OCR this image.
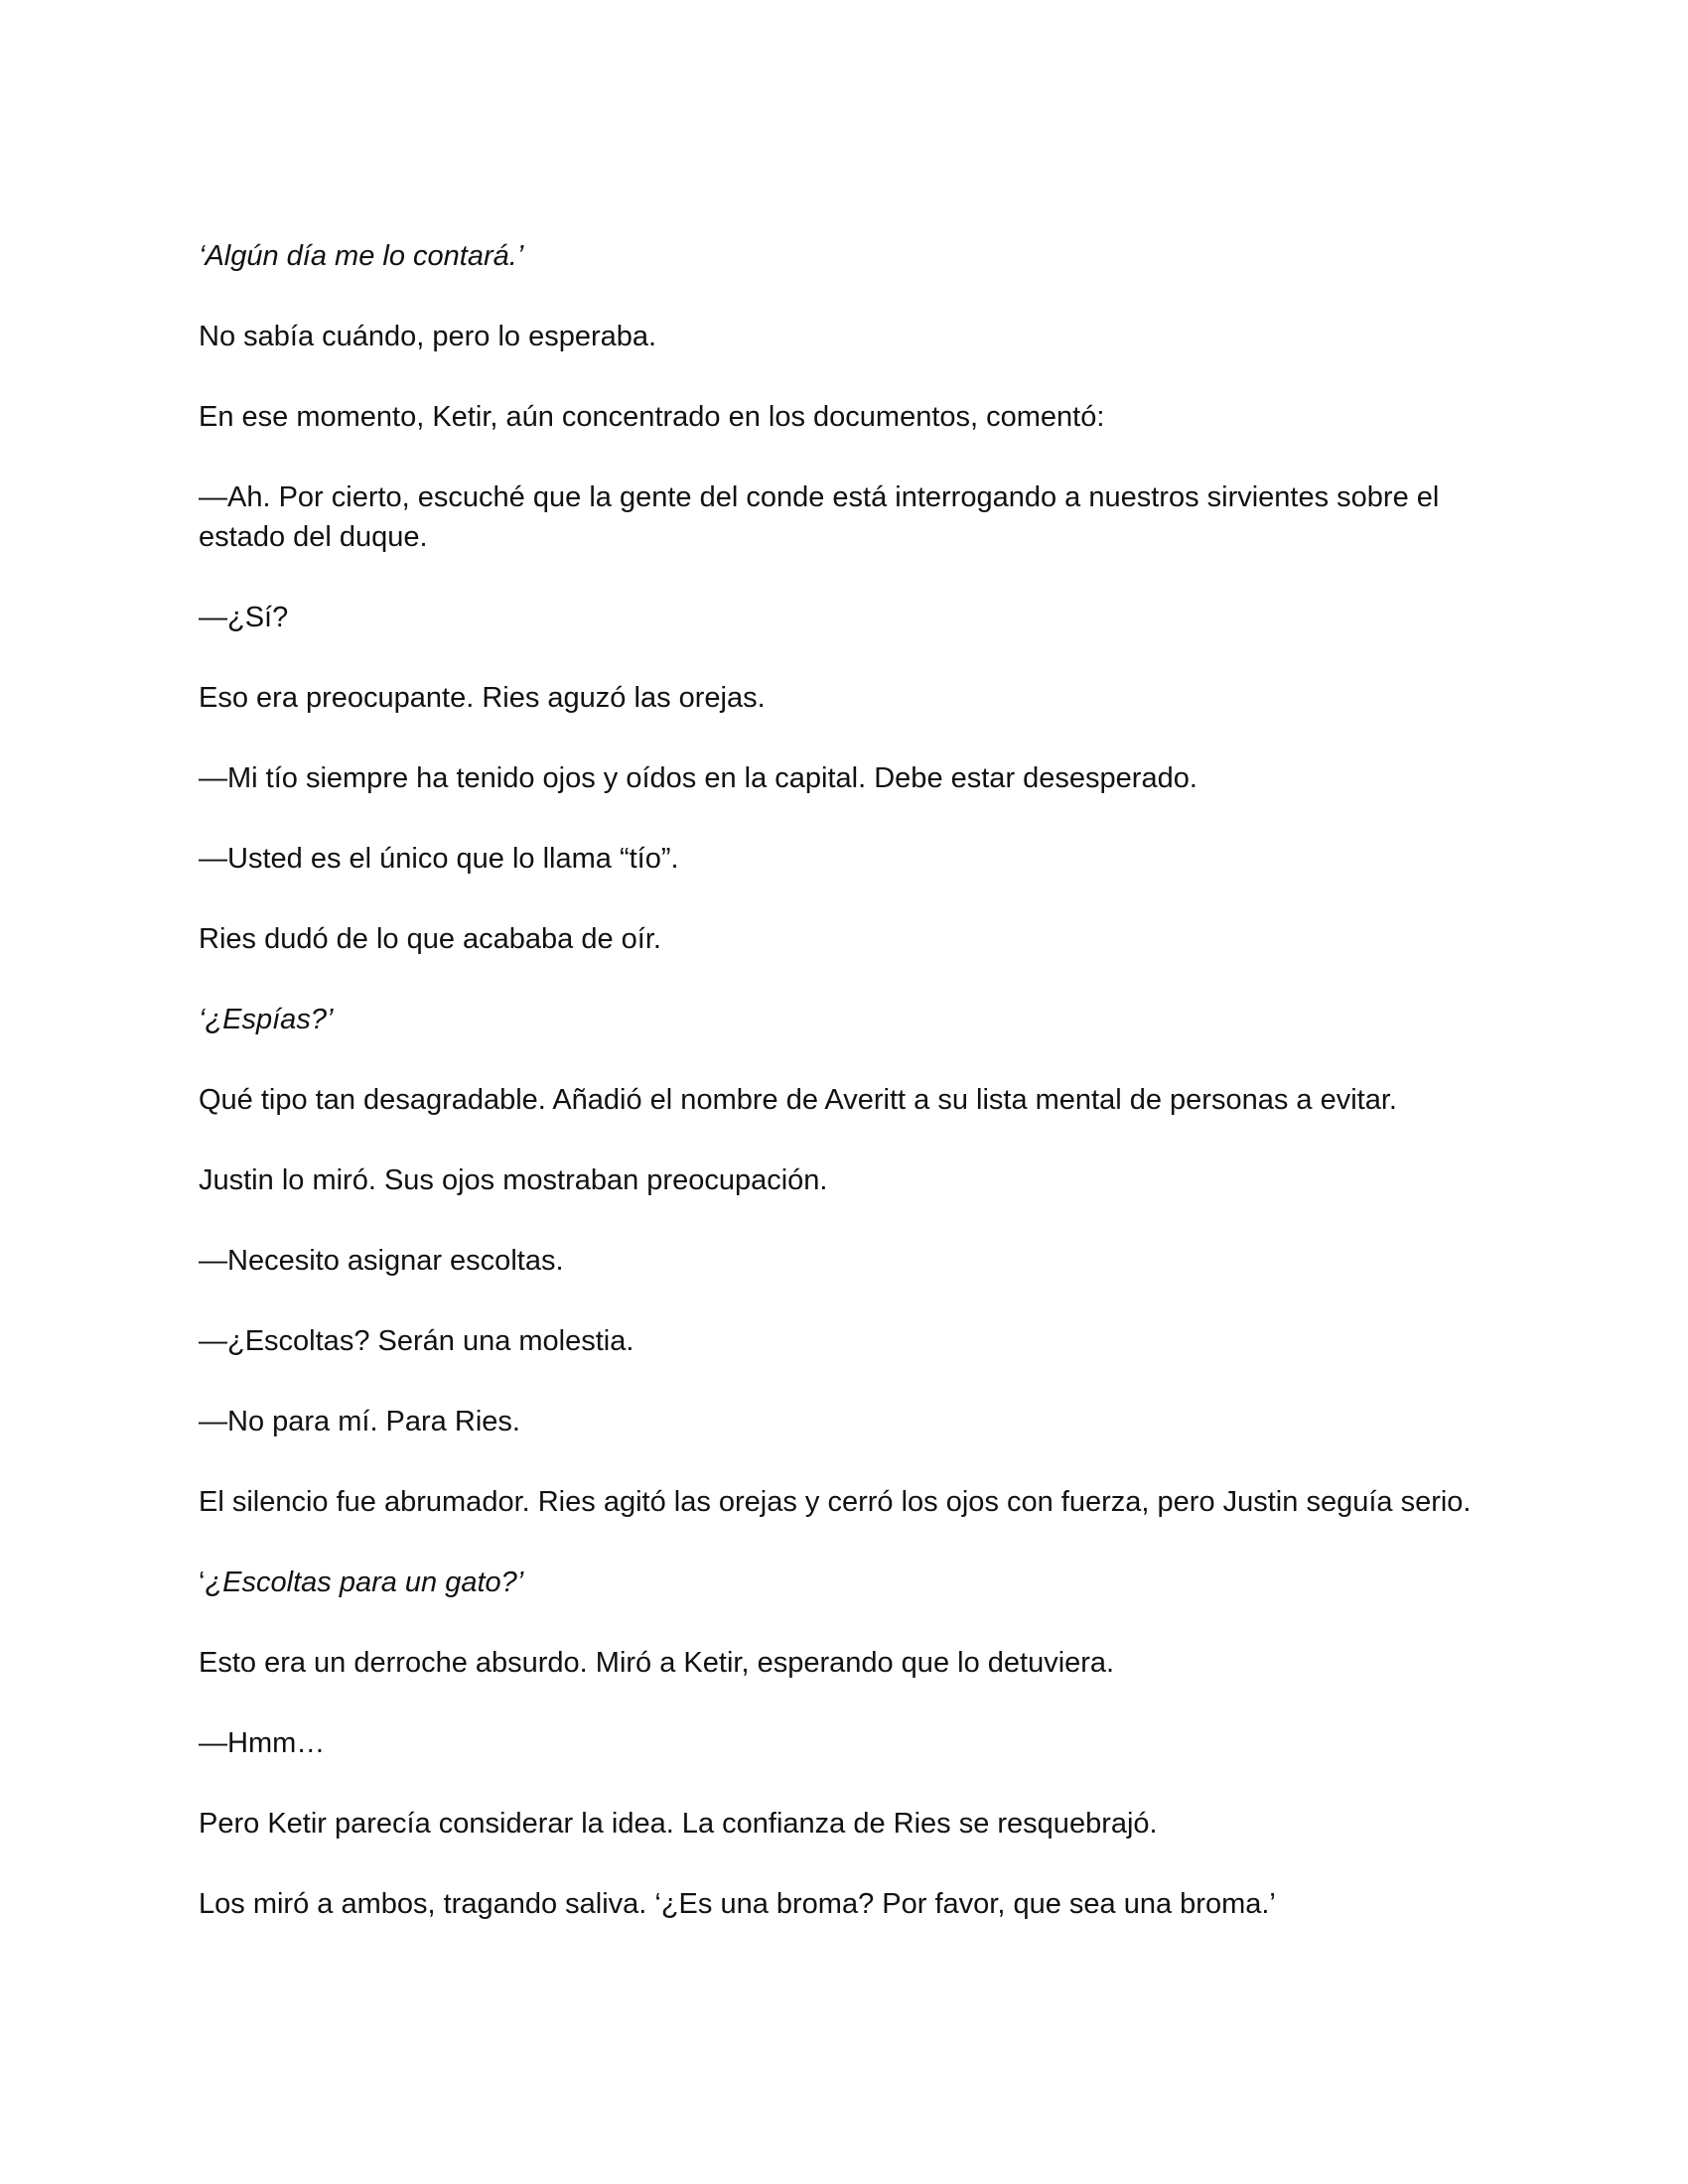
‘Algún día me lo contará.’

No sabía cuándo, pero lo esperaba.

En ese momento, Ketir, aún concentrado en los documentos, comentó:

—Ah. Por cierto, escuché que la gente del conde está interrogando a nuestros sirvientes sobre el estado del duque.

—¿Sí?

Eso era preocupante. Ries aguzó las orejas.

—Mi tío siempre ha tenido ojos y oídos en la capital. Debe estar desesperado.

—Usted es el único que lo llama “tío”.

Ries dudó de lo que acababa de oír.

‘¿Espías?’

Qué tipo tan desagradable. Añadió el nombre de Averitt a su lista mental de personas a evitar.

Justin lo miró. Sus ojos mostraban preocupación.

—Necesito asignar escoltas.

—¿Escoltas? Serán una molestia.

—No para mí. Para Ries.

El silencio fue abrumador. Ries agitó las orejas y cerró los ojos con fuerza, pero Justin seguía serio.

‘¿Escoltas para un gato?’

Esto era un derroche absurdo. Miró a Ketir, esperando que lo detuviera.

—Hmm…

Pero Ketir parecía considerar la idea. La confianza de Ries se resquebrajó.

Los miró a ambos, tragando saliva. ‘¿Es una broma? Por favor, que sea una broma.’
